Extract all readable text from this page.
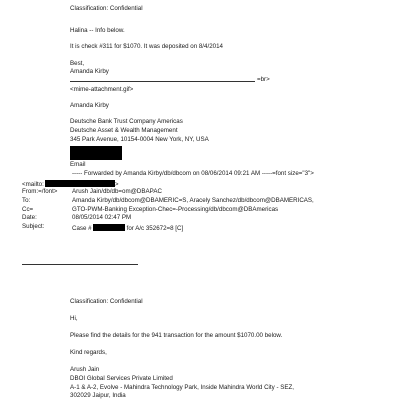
Classification: Confidential
Halina -- Info below.
It is check #311 for $1070. It was deposited on 8/4/2014
Best,
Amanda Kirby
=br>
<mime-attachment.gif>
Amanda Kirby
Deutsche Bank Trust Company Americas
Deutsche Asset & Wealth Management
345 Park Avenue, 10154-0004 New York, NY, USA
Email
----- Forwarded by Amanda Kirby/db/dbcom on 08/06/2014 09:21 AM -----=font size="3">
<mailto:	>
From:=/font> Arush Jain/db/db=om@DBAPAC
To:	Amanda Kirby/db/dbcom@DBAMERIC=S, Aracely Sanchez/db/dbcom@DBAMERICAS,
Cc=	GTO-PWM-Banking Exception-Chec=-Processing/db/dbcom@DBAmericas
Date:	08/05/2014 02:47 PM
Subject:	Case #	for A/c 352672=8 [C]
Classification: Confidential
Hi,
Please find the details for the 941 transaction for the amount $1070.00 below.
Kind regards,
Arush Jain
DBOI Global Services Private Limited
A-1 & A-2, Evolve - Mahindra Technology Park, Inside Mahindra World City - SEZ,
302029 Jaipur, India
